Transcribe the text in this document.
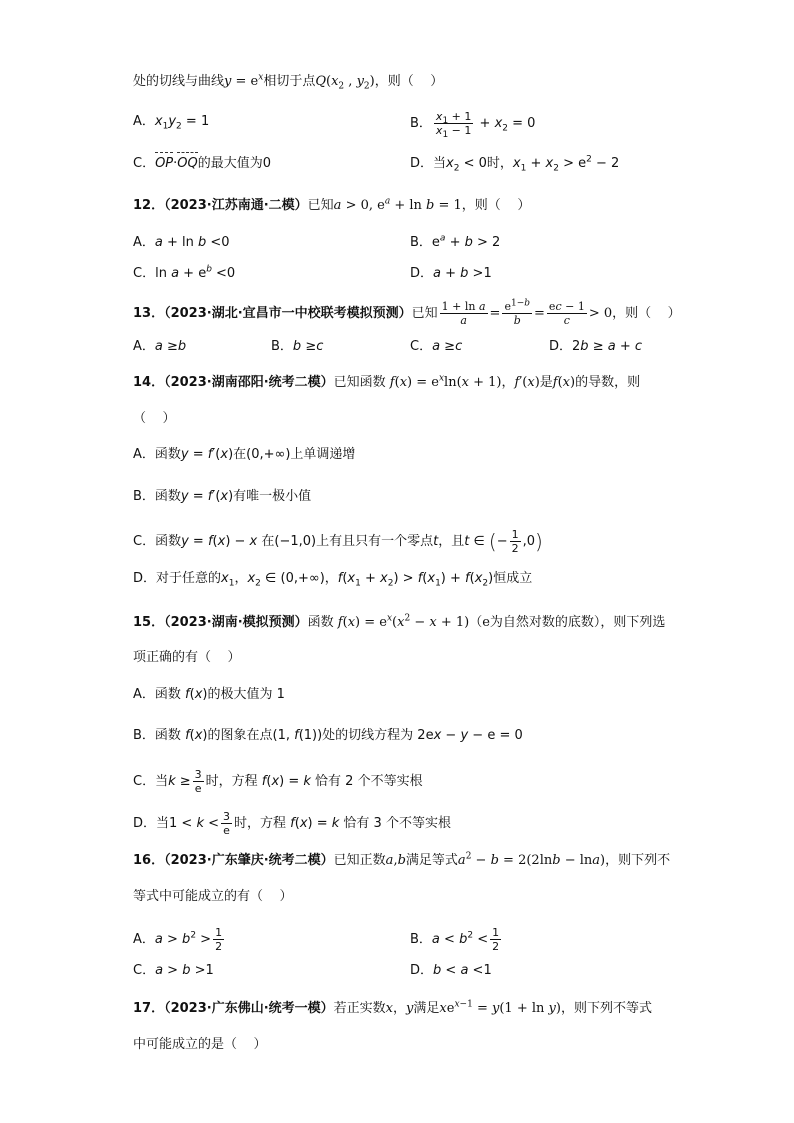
处的切线与曲线$y = e^x$相切于点$Q(x_2$ , $y_2$)，则（    ）
A．$x_1y_2 = 1$	B． $\frac{x_1 + 1}{x_1 - 1} + x_2 = 0$
C．OP·OQ的最大值为0	D．当$x_2 < 0$时，$x_1 + x_2 > e^2 - 2$
12．（2023·江苏南通·二模）已知a > 0, $e^a + \ln b = 1$，则（    ）
A．a + ln b <0	B．$e^a + b > 2$
C．$\ln a + e^b <0$	D．a + b >1
13．（2023·湖北·宜昌市一中校联考模拟预测）已知 $\frac{\text{1 + ln a}}{a} = \frac{e^{1-b}}{b} = \frac{ec - 1}{c} > 0$，则（    ）
A．a ≥b	B．b ≥c	C．a ≥c	D．2b ≥ a + c
14．（2023·湖南邵阳·统考二模）已知函数 $f(x) = e^x\ln(x + 1)$，f′(x)是f(x)的导数，则
（    ）
A．函数y = f′(x)在(0,+∞)上单调递增
B．函数y = f′(x)有唯一极小值
C．函数y = f(x) − x 在(−1,0)上有且只有一个零点t，且t ∈ (− $\frac{1}{2} ,0$)
D．对于任意的$x_1$，$x_2$ ∈ (0,+∞)，$f(x_1 + x_2) > f(x_1) + f(x_2)$恒成立
15．（2023·湖南·模拟预测）函数 $f(x) = e^x(x^2 - x + 1)(e$为自然对数的底数），则下列选
项正确的有（    ）
A．函数 f(x)的极大值为 1
B．函数 f(x)的图象在点(1, f(1))处的切线方程为 2ex − y − e = 0
C．当$k \ge \frac{3}{e}$ 时，方程 f(x) = k 恰有 2 个不等实根
D．当$1 < k < \frac{3}{e}$ 时，方程 f(x) = k 恰有 3 个不等实根
16．（2023·广东肇庆·统考二模）已知正数a,b满足等式$a^2 - b = 2(2\ln b - \ln a)$，则下列不
等式中可能成立的有（    ）
A．$a > b^2 > \frac{1}{2}$	B．$a < b^2 < \frac{1}{2}$
C．a > b >1	D．b < a <1
17．（2023·广东佛山·统考一模）若正实数x，y满足$xe^{x-1} = y(1 + \ln y)$，则下列不等式
中可能成立的是（    ）
